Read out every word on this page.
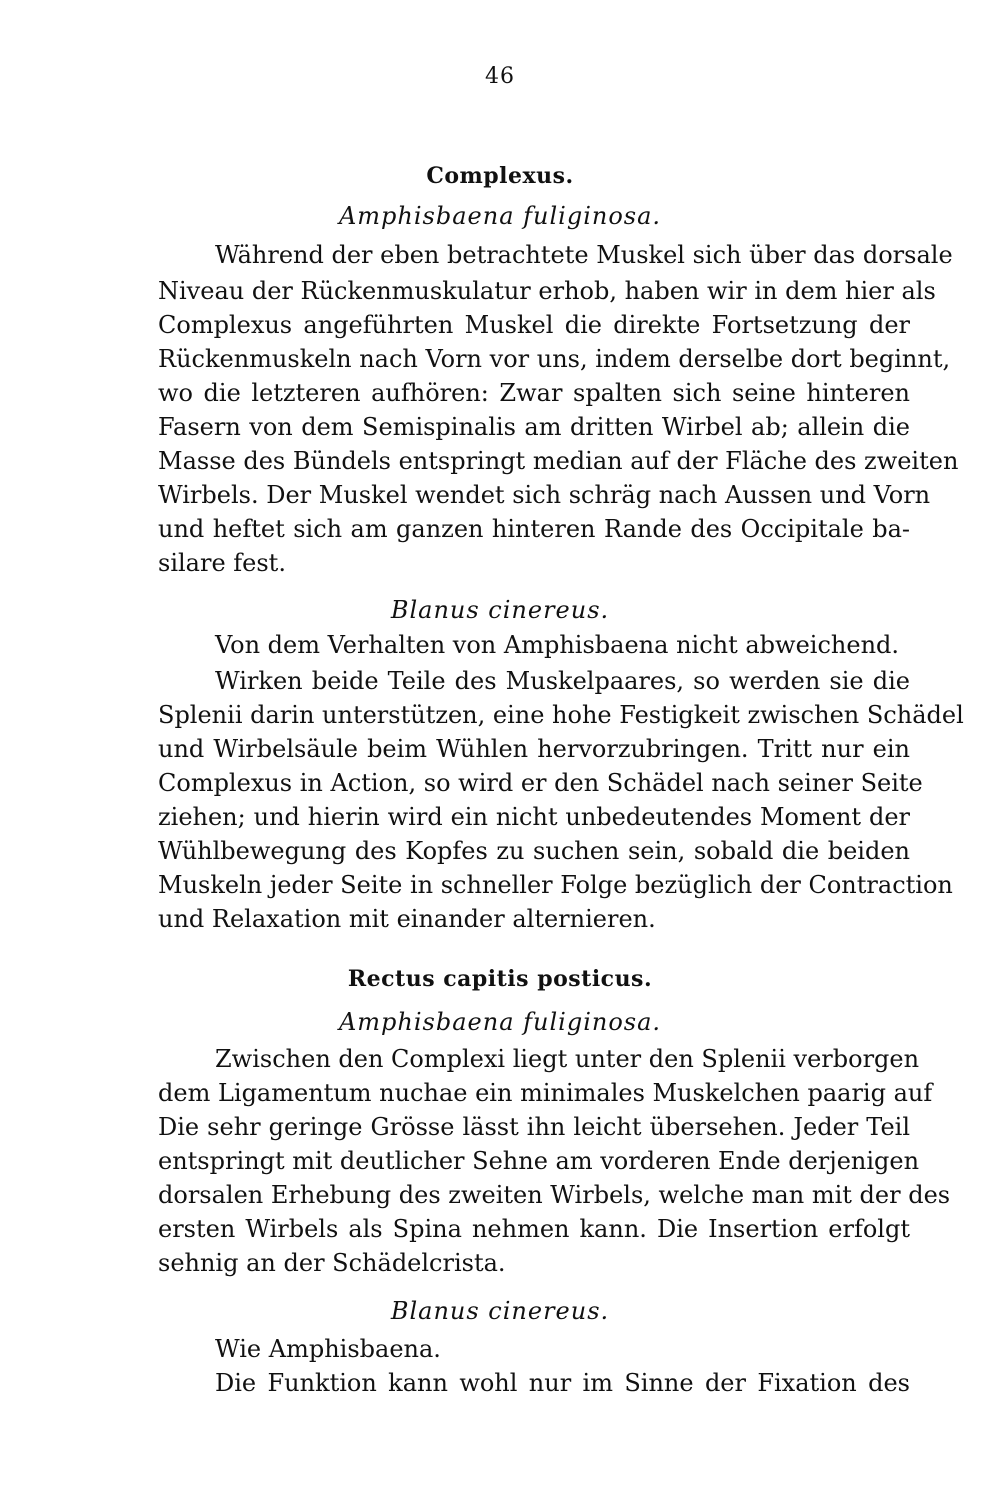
46
Complexus.
Amphisbaena fuliginosa.
Während der eben betrachtete Muskel sich über das dorsale
Niveau der Rückenmuskulatur erhob, haben wir in dem hier als
Complexus angeführten Muskel die direkte Fortsetzung der
Rückenmuskeln nach Vorn vor uns, indem derselbe dort beginnt,
wo die letzteren aufhören: Zwar spalten sich seine hinteren
Fasern von dem Semispinalis am dritten Wirbel ab; allein die
Masse des Bündels entspringt median auf der Fläche des zweiten
Wirbels. Der Muskel wendet sich schräg nach Aussen und Vorn
und heftet sich am ganzen hinteren Rande des Occipitale ba-
silare fest.
Blanus cinereus.
Von dem Verhalten von Amphisbaena nicht abweichend.
Wirken beide Teile des Muskelpaares, so werden sie die
Splenii darin unterstützen, eine hohe Festigkeit zwischen Schädel
und Wirbelsäule beim Wühlen hervorzubringen. Tritt nur ein
Complexus in Action, so wird er den Schädel nach seiner Seite
ziehen; und hierin wird ein nicht unbedeutendes Moment der
Wühlbewegung des Kopfes zu suchen sein, sobald die beiden
Muskeln jeder Seite in schneller Folge bezüglich der Contraction
und Relaxation mit einander alternieren.
Rectus capitis posticus.
Amphisbaena fuliginosa.
Zwischen den Complexi liegt unter den Splenii verborgen
dem Ligamentum nuchae ein minimales Muskelchen paarig auf
Die sehr geringe Grösse lässt ihn leicht übersehen. Jeder Teil
entspringt mit deutlicher Sehne am vorderen Ende derjenigen
dorsalen Erhebung des zweiten Wirbels, welche man mit der des
ersten Wirbels als Spina nehmen kann. Die Insertion erfolgt
sehnig an der Schädelcrista.
Blanus cinereus.
Wie Amphisbaena.
Die Funktion kann wohl nur im Sinne der Fixation des
